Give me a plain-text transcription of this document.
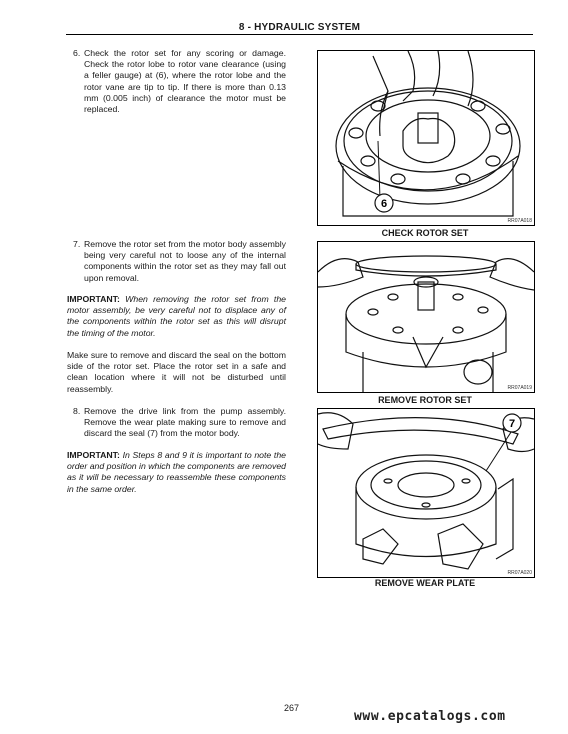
8 - HYDRAULIC SYSTEM
6. Check the rotor set for any scoring or damage. Check the rotor lobe to rotor vane clearance (using a feller gauge) at (6), where the rotor lobe and the rotor vane are tip to tip. If there is more than 0.13 mm (0.005 inch) of clearance the motor must be replaced.
7. Remove the rotor set from the motor body assembly being very careful not to loose any of the internal components within the rotor set as they may fall out upon removal.
IMPORTANT: When removing the rotor set from the motor assembly, be very careful not to displace any of the components within the rotor set as this will disrupt the timing of the motor.
Make sure to remove and discard the seal on the bottom side of the rotor set. Place the rotor set in a safe and clean location where it will not be disturbed until reassembly.
8. Remove the drive link from the pump assembly. Remove the wear plate making sure to remove and discard the seal (7) from the motor body.
IMPORTANT: In Steps 8 and 9 it is important to note the order and position in which the components are removed as it will be necessary to reassemble these components in the same order.
6
RR07A018
CHECK ROTOR SET
RR07A019
REMOVE ROTOR SET
7
RR07A020
REMOVE WEAR PLATE
267
www.epcatalogs.com
